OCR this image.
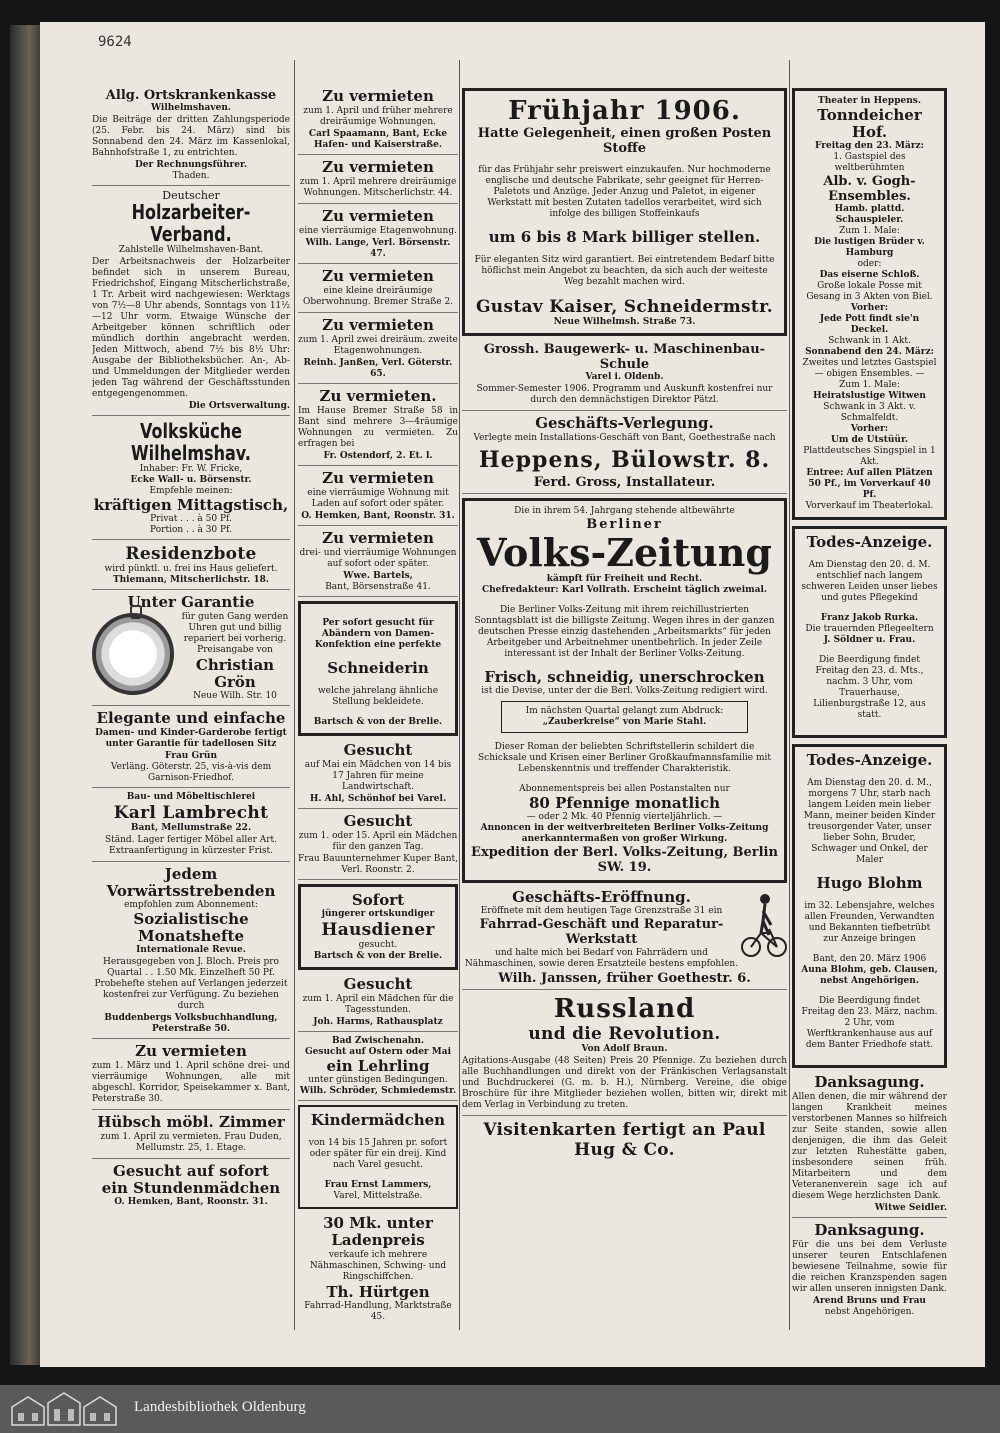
9624
Allg. Ortskrankenkasse
Wilhelmshaven.

Die Beiträge der dritten Zahlungsperiode (25. Febr. bis 24. März) sind bis Sonnabend den 24. März im Kassenlokal, Bahnhofstraße 1, zu entrichten.

Der Rechnungsführer.
Thaden.
Deutscher
Holzarbeiter-Verband.
Zahlstelle Wilhelmshaven-Bant.

Der Arbeitsnachweis der Holzarbeiter befindet sich in unserem Bureau, Friedrichshof, Eingang Mitscherlichstraße, 1 Tr. Arbeit wird nachgewiesen: Werktags von 7½—8 Uhr abends, Sonntags von 11½—12 Uhr vorm. Etwaige Wünsche der Arbeitgeber können schriftlich oder mündlich dorthin angebracht werden. Jeden Mittwoch, abend 7½ bis 8½ Uhr: Ausgabe der Bibliotheksbücher. An-, Ab- und Ummeldungen der Mitglieder werden jeden Tag während der Geschäftsstunden entgegengenommen.

Die Ortsverwaltung.
Volksküche Wilhelmshav.
Inhaber: Fr. W. Fricke,
Ecke Wall- u. Börsenstr.
Empfehle meinen:
kräftigen Mittagstisch,
Privat . . . à 50 Pf.
Portion . . à 30 Pf.
Residenzbote
wird pünktl. u. frei ins Haus geliefert.
Thiemann, Mitscherlichstr. 18.
Unter Garantie

für guten Gang werden Uhren gut und billig repariert bei vorherig. Preisangabe von

Christian Grön
Neue Wilh. Str. 10
Elegante und einfache

Damen- und Kinder-Garderobe fertigt unter Garantie für tadellosen Sitz

Frau Grün
Verläng. Göterstr. 25, vis-à-vis dem Garnison-Friedhof.
Bau- und Möbeltischlerei
Karl Lambrecht
Bant, Mellumstraße 22.

Ständ. Lager fertiger Möbel aller Art. Extraanfertigung in kürzester Frist.

Jedem Vorwärtsstrebenden
empfohlen zum Abonnement:
Sozialistische Monatshefte
Internationale Revue.

Herausgegeben von J. Bloch. Preis pro Quartal . . 1.50 Mk. Einzelheft 50 Pf. Probehefte stehen auf Verlangen jederzeit kostenfrei zur Verfügung. Zu beziehen durch

Buddenbergs Volksbuchhandlung,
Peterstraße 50.
Zu vermieten

zum 1. März und 1. April schöne drei- und vierräumige Wohnungen, alle mit abgeschl. Korridor, Speisekammer x. Bant, Peterstraße 30.

Hübsch möbl. Zimmer

zum 1. April zu vermieten. Frau Duden, Mellumstr. 25, 1. Etage.

Gesucht auf sofort
ein Stundenmädchen
O. Hemken, Bant, Roonstr. 31.
Zu vermieten

zum 1. April und früher mehrere dreiräumige Wohnungen.

Carl Spaamann, Bant, Ecke Hafen- und Kaiserstraße.
Zu vermieten

zum 1. April mehrere dreiräumige Wohnungen. Mitscherlichstr. 44.

Zu vermieten

eine vierräumige Etagenwohnung.

Wilh. Lange, Verl. Börsenstr. 47.
Zu vermieten

eine kleine dreiräumige Oberwohnung. Bremer Straße 2.

Zu vermieten

zum 1. April zwei dreiräum. zweite Etagenwohnungen.

Reinh. Janßen, Verl. Göterstr. 65.
Zu vermieten.

Im Hause Bremer Straße 58 in Bant sind mehrere 3—4räumige Wohnungen zu vermieten. Zu erfragen bei

Fr. Ostendorf, 2. Et. l.
Zu vermieten

eine vierräumige Wohnung mit Laden auf sofort oder später.

O. Hemken, Bant, Roonstr. 31.
Zu vermieten

drei- und vierräumige Wohnungen auf sofort oder später.

Wwe. Bartels,
Bant, Börsenstraße 41.

Per sofort gesucht für Abändern von Damen-Konfektion eine perfekte

Schneiderin

welche jahrelang ähnliche Stellung bekleidete.

Bartsch & von der Brelie.
Gesucht

auf Mai ein Mädchen von 14 bis 17 Jahren für meine Landwirtschaft.

H. Ahl, Schönhof bei Varel.
Gesucht

zum 1. oder 15. April ein Mädchen für den ganzen Tag.

Frau Bauunternehmer Kuper Bant, Verl. Roonstr. 2.
Sofort
jüngerer ortskundiger
Hausdiener
gesucht.
Bartsch & von der Brelie.
Gesucht

zum 1. April ein Mädchen für die Tagesstunden.

Joh. Harms, Rathausplatz
Bad Zwischenahn.
Gesucht auf Ostern oder Mai
ein Lehrling
unter günstigen Bedingungen.
Wilh. Schröder, Schmiedemstr.
Kindermädchen

von 14 bis 15 Jahren pr. sofort oder später für ein dreij. Kind nach Varel gesucht.

Frau Ernst Lammers,
Varel, Mittelstraße.
30 Mk. unter Ladenpreis

verkaufe ich mehrere Nähmaschinen, Schwing- und Ringschiffchen.

Th. Hürtgen
Fahrrad-Handlung, Marktstraße 45.
Frühjahr 1906.
Hatte Gelegenheit, einen großen Posten Stoffe

für das Frühjahr sehr preiswert einzukaufen. Nur hochmoderne englische und deutsche Fabrikate, sehr geeignet für Herren-Paletots und Anzüge. Jeder Anzug und Paletot, in eigener Werkstatt mit besten Zutaten tadellos verarbeitet, wird sich infolge des billigen Stoffeinkaufs

um 6 bis 8 Mark billiger stellen.

Für eleganten Sitz wird garantiert. Bei eintretendem Bedarf bitte höflichst mein Angebot zu beachten, da sich auch der weiteste Weg bezahlt machen wird.

Gustav Kaiser, Schneidermstr.
Neue Wilhelmsh. Straße 73.
Grossh. Baugewerk- u. Maschinenbau-Schule
Varel i. Oldenb.

Sommer-Semester 1906. Programm und Auskunft kostenfrei nur durch den demnächstigen Direktor Pätzl.

Geschäfts-Verlegung.

Verlegte mein Installations-Geschäft von Bant, Goethestraße nach

Heppens, Bülowstr. 8.
Ferd. Gross, Installateur.
Die in ihrem 54. Jahrgang stehende altbewährte
Berliner
Volks-Zeitung
kämpft für Freiheit und Recht.
Chefredakteur: Karl Vollrath. Erscheint täglich zweimal.

Die Berliner Volks-Zeitung mit ihrem reichillustrierten Sonntagsblatt ist die billigste Zeitung. Wegen ihres in der ganzen deutschen Presse einzig dastehenden „Arbeitsmarkts“ für jeden Arbeitgeber und Arbeitnehmer unentbehrlich. In jeder Zeile interessant ist der Inhalt der Berliner Volks-Zeitung.

Frisch, schneidig, unerschrocken
ist die Devise, unter der die Berl. Volks-Zeitung redigiert wird.
Im nächsten Quartal gelangt zum Abdruck:
„Zauberkreise“ von Marie Stahl.

Dieser Roman der beliebten Schriftstellerin schildert die Schicksale und Krisen einer Berliner Großkaufmannsfamilie mit Lebenskenntnis und treffender Charakteristik.

Abonnementspreis bei allen Postanstalten nur
80 Pfennige monatlich
— oder 2 Mk. 40 Pfennig vierteljährlich. —
Annoncen in der weitverbreiteten Berliner Volks-Zeitung anerkanntermaßen von großer Wirkung.
Expedition der Berl. Volks-Zeitung, Berlin SW. 19.
Geschäfts-Eröffnung.
Eröffnete mit dem heutigen Tage Grenzstraße 31 ein
Fahrrad-Geschäft und Reparatur-Werkstatt

und halte mich bei Bedarf von Fahrrädern und Nähmaschinen, sowie deren Ersatzteile bestens empfohlen.

Wilh. Janssen, früher Goethestr. 6.
Russland
und die Revolution.
Von Adolf Braun.

Agitations-Ausgabe (48 Seiten) Preis 20 Pfennige. Zu beziehen durch alle Buchhandlungen und direkt von der Fränkischen Verlagsanstalt und Buchdruckerei (G. m. b. H.), Nürnberg. Vereine, die obige Broschüre für ihre Mitglieder beziehen wollen, bitten wir, direkt mit dem Verlag in Verbindung zu treten.

Visitenkarten fertigt an Paul Hug & Co.
Theater in Heppens.
Tonndeicher Hof.
Freitag den 23. März:
1. Gastspiel des weltberühmten
Alb. v. Gogh-Ensembles.
Hamb. plattd. Schauspieler.
Zum 1. Male:
Die lustigen Brüder v. Hamburg
oder:
Das eiserne Schloß.
Große lokale Posse mit Gesang in 3 Akten von Biel.
Vorher:
Jede Pott findt sie'n Deckel.
Schwank in 1 Akt.
Sonnabend den 24. März:
Zweites und letztes Gastspiel — obigen Ensembles. —
Zum 1. Male:
Heiratslustige Witwen
Schwank in 3 Akt. v. Schmalfeldt.
Vorher:
Um de Utstüür.
Plattdeutsches Singspiel in 1 Akt.
Entree: Auf allen Plätzen 50 Pf., im Vorverkauf 40 Pf.
Vorverkauf im Theaterlokal.
Todes-Anzeige.

Am Dienstag den 20. d. M. entschlief nach langem schweren Leiden unser liebes und gutes Pflegekind

Franz Jakob Rurka.
Die trauernden Pflegeeltern
J. Söldner u. Frau.

Die Beerdigung findet Freitag den 23. d. Mts., nachm. 3 Uhr, vom Trauerhause, Lilienburgstraße 12, aus statt.

Todes-Anzeige.

Am Dienstag den 20. d. M., morgens 7 Uhr, starb nach langem Leiden mein lieber Mann, meiner beiden Kinder treusorgender Vater, unser lieber Sohn, Bruder, Schwager und Onkel, der Maler

Hugo Blohm

im 32. Lebensjahre, welches allen Freunden, Verwandten und Bekannten tiefbetrübt zur Anzeige bringen

Bant, den 20. März 1906
Auna Blohm, geb. Clausen, nebst Angehörigen.

Die Beerdigung findet Freitag den 23. März, nachm. 2 Uhr, vom Werftkrankenhause aus auf dem Banter Friedhofe statt.

Danksagung.

Allen denen, die mir während der langen Krankheit meines verstorbenen Mannes so hilfreich zur Seite standen, sowie allen denjenigen, die ihm das Geleit zur letzten Ruhestätte gaben, insbesondere seinen früh. Mitarbeitern und dem Veteranenverein sage ich auf diesem Wege herzlichsten Dank.

Witwe Seidler.
Danksagung.

Für die uns bei dem Verluste unserer teuren Entschlafenen bewiesene Teilnahme, sowie für die reichen Kranzspenden sagen wir allen unseren innigsten Dank.

Arend Bruns und Frau
nebst Angehörigen.
Landesbibliothek Oldenburg
